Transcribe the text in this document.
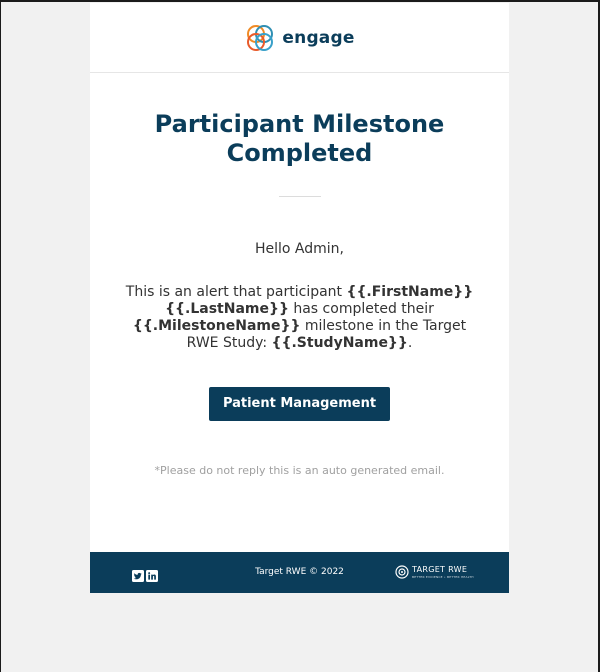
engage
Participant Milestone
Completed
Hello Admin,
This is an alert that participant {{.FirstName}} {{.LastName}} has completed their {{.MilestoneName}} milestone in the Target RWE Study: {{.StudyName}}.
Patient Management
*Please do not reply this is an auto generated email.
Target RWE © 2022	TARGET RWE
BETTER EVIDENCE • BETTER HEALTH
